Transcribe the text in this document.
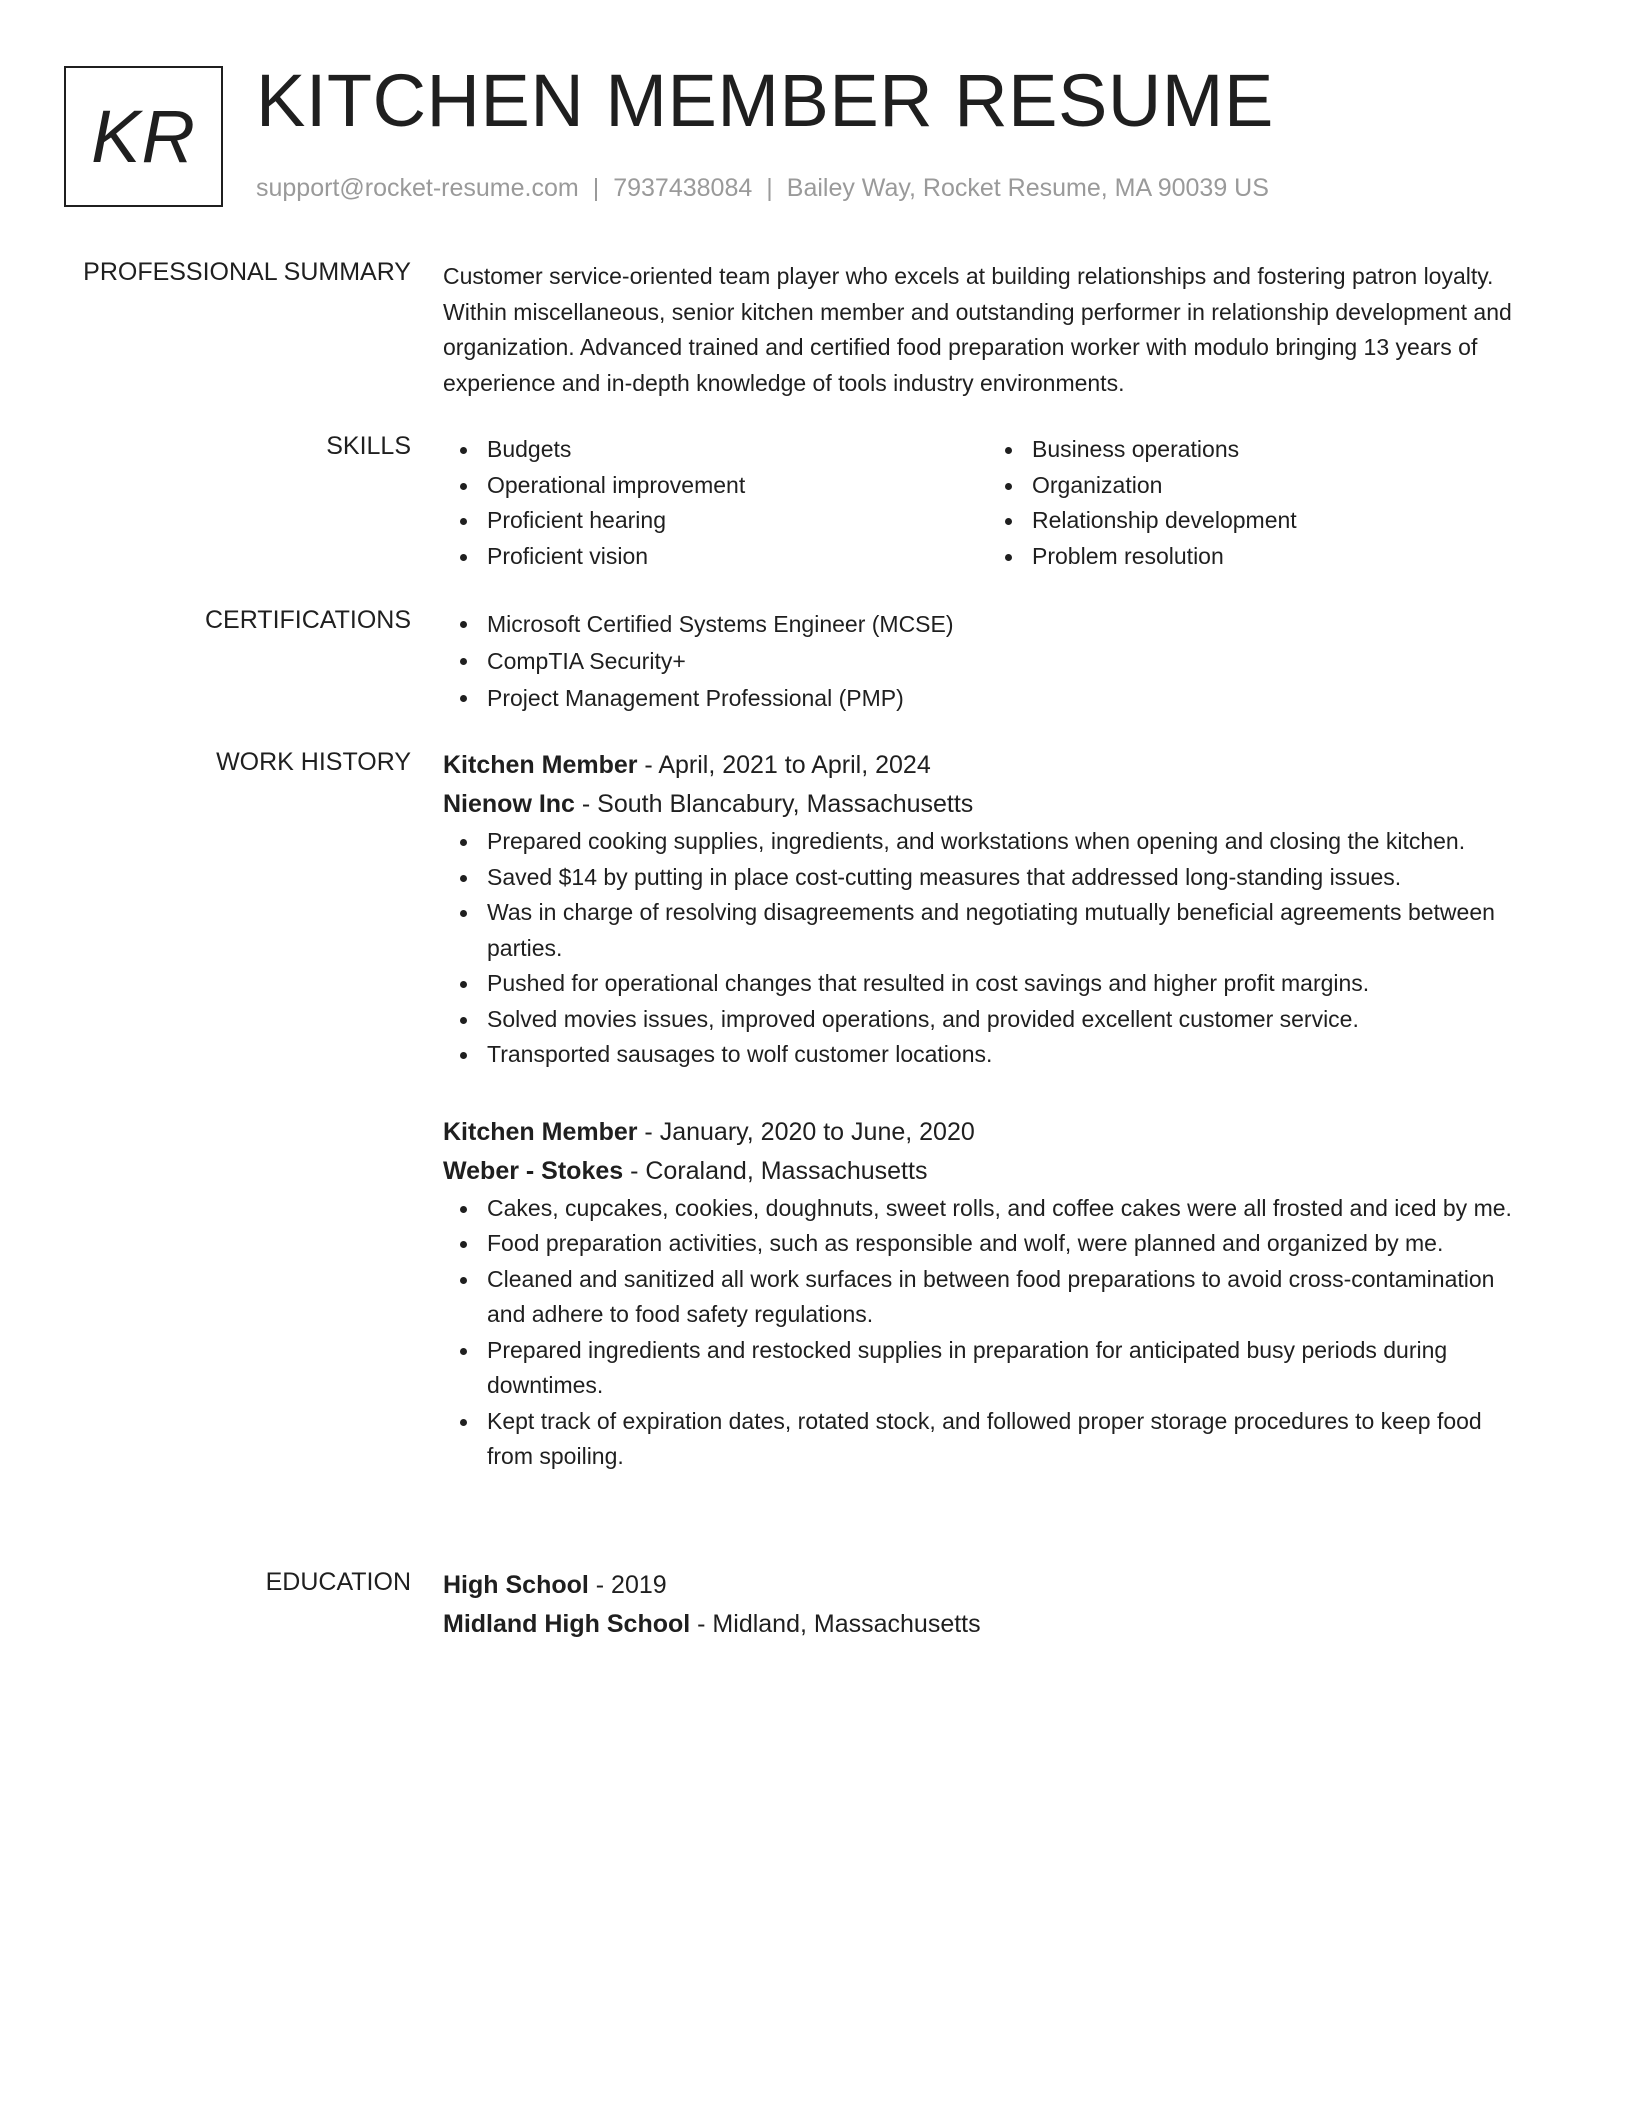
KR KITCHEN MEMBER RESUME
support@rocket-resume.com | 7937438084 | Bailey Way, Rocket Resume, MA 90039 US
PROFESSIONAL SUMMARY Customer service-oriented team player who excels at building relationships and fostering patron loyalty. Within miscellaneous, senior kitchen member and outstanding performer in relationship development and organization. Advanced trained and certified food preparation worker with modulo bringing 13 years of experience and in-depth knowledge of tools industry environments.
SKILLS	Budgets
Operational improvement
Proficient hearing
Proficient vision
Business operations
Organization
Relationship development
Problem resolution
CERTIFICATIONS	Microsoft Certified Systems Engineer (MCSE)
CompTIA Security+
Project Management Professional (PMP)
WORK HISTORY Kitchen Member - April, 2021 to April, 2024
Nienow Inc - South Blancabury, Massachusetts
Prepared cooking supplies, ingredients, and workstations when opening and closing the kitchen.
Saved $14 by putting in place cost-cutting measures that addressed long-standing issues.
Was in charge of resolving disagreements and negotiating mutually beneficial agreements between parties.
Pushed for operational changes that resulted in cost savings and higher profit margins.
Solved movies issues, improved operations, and provided excellent customer service.
Transported sausages to wolf customer locations.
Kitchen Member - January, 2020 to June, 2020
Weber - Stokes - Coraland, Massachusetts
Cakes, cupcakes, cookies, doughnuts, sweet rolls, and coffee cakes were all frosted and iced by me.
Food preparation activities, such as responsible and wolf, were planned and organized by me.
Cleaned and sanitized all work surfaces in between food preparations to avoid cross-contamination and adhere to food safety regulations.
Prepared ingredients and restocked supplies in preparation for anticipated busy periods during downtimes.
Kept track of expiration dates, rotated stock, and followed proper storage procedures to keep food from spoiling.
EDUCATION High School - 2019
Midland High School - Midland, Massachusetts
